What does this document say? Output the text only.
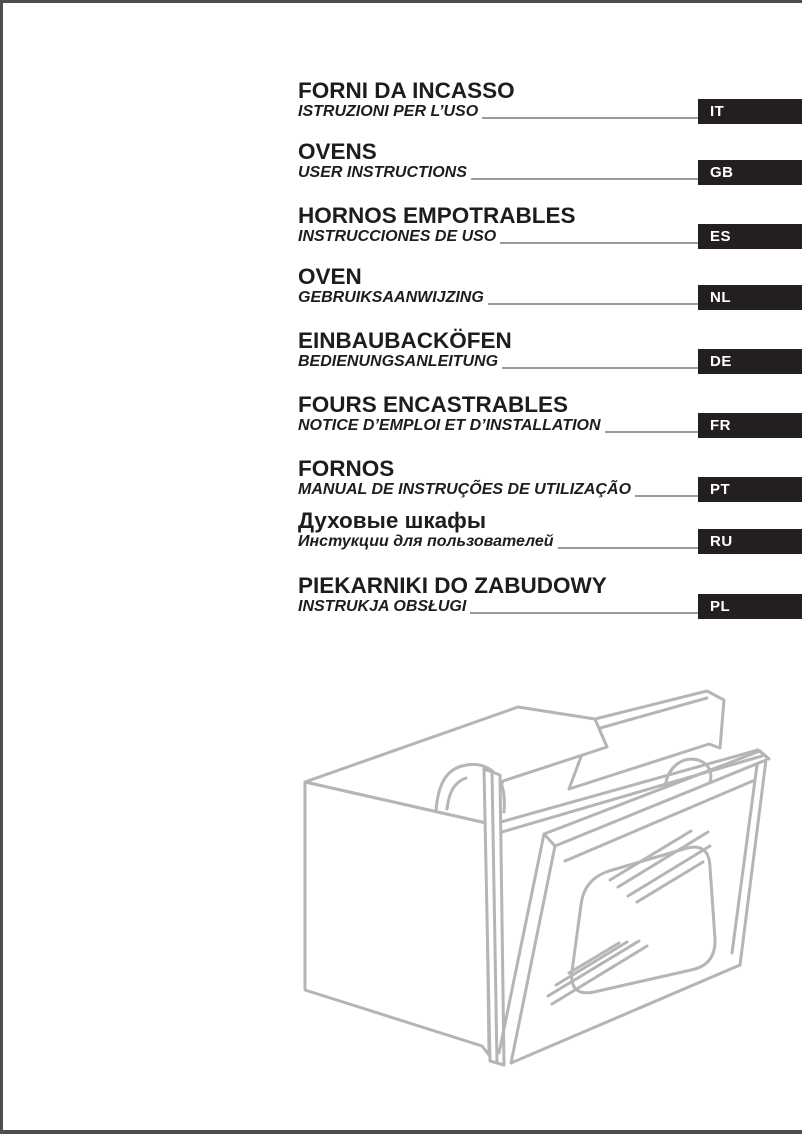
FORNI DA INCASSO
ISTRUZIONI PER L’USO	IT
OVENS
USER INSTRUCTIONS	GB
HORNOS EMPOTRABLES
INSTRUCCIONES DE USO	ES
OVEN
GEBRUIKSAANWIJZING	NL
EINBAUBACKÖFEN
BEDIENUNGSANLEITUNG	DE
FOURS ENCASTRABLES
NOTICE D’EMPLOI ET D’INSTALLATION	FR
FORNOS
MANUAL DE INSTRUÇÕES DE UTILIZAÇÃO	PT
Духовые шкафы
Инстукции для пользователей	RU
PIEKARNIKI DO ZABUDOWY
INSTRUKJA OBSŁUGI	PL
